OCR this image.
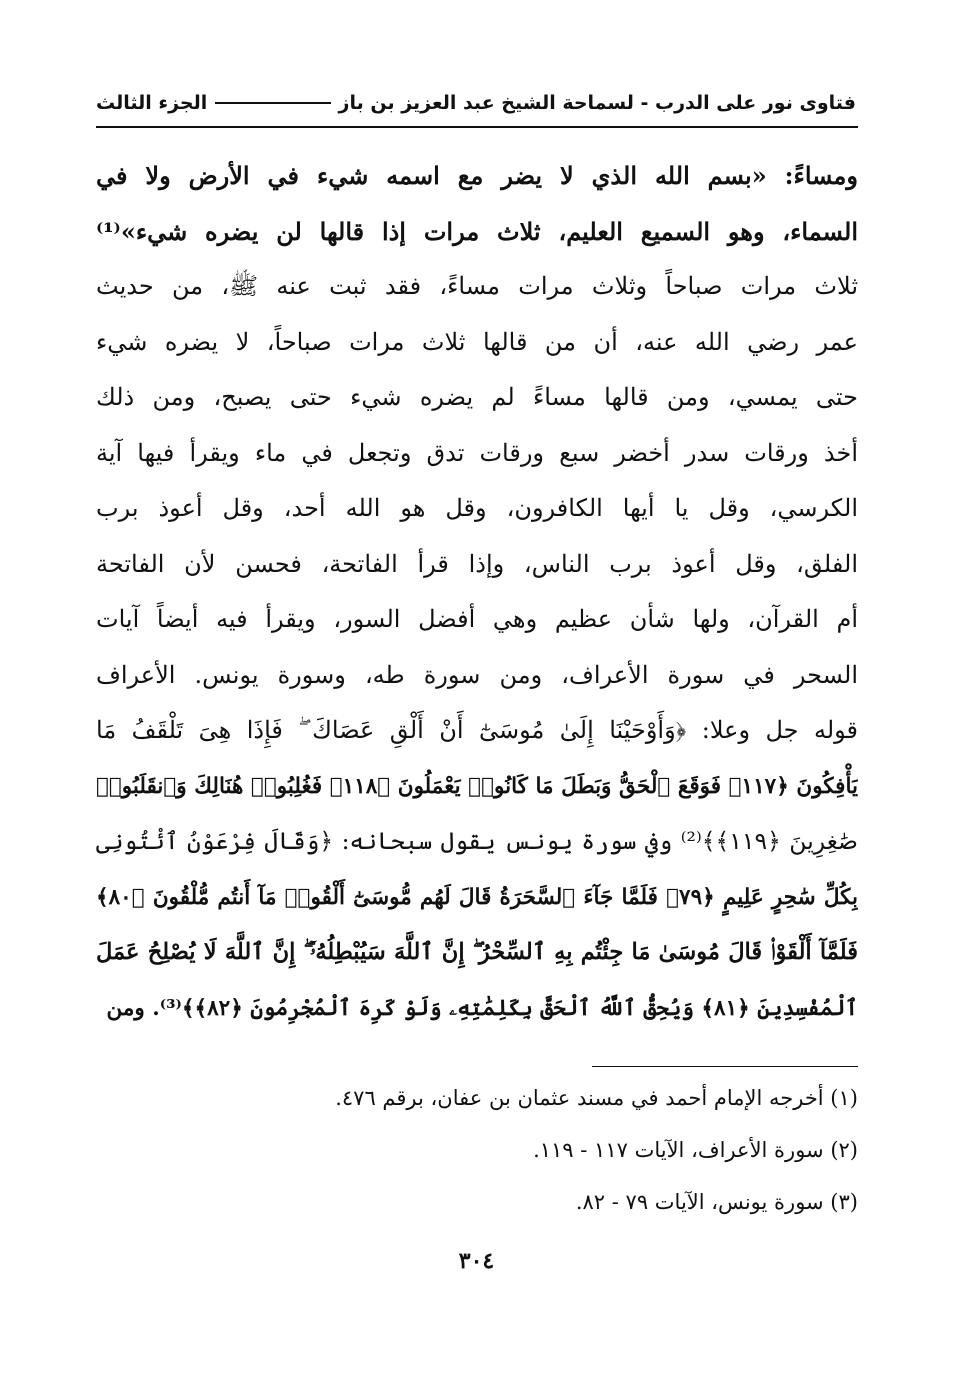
فتاوى نور على الدرب - لسماحة الشيخ عبد العزيز بن باز
الجزء الثالث
ومساءً: «بسم الله الذي لا يضر مع اسمه شيء في الأرض ولا في
السماء، وهو السميع العليم، ثلاث مرات إذا قالها لن يضره شيء»⁽¹⁾
ثلاث مرات صباحاً وثلاث مرات مساءً، فقد ثبت عنه ﷺ، من حديث
عمر رضي الله عنه، أن من قالها ثلاث مرات صباحاً، لا يضره شيء
حتى يمسي، ومن قالها مساءً لم يضره شيء حتى يصبح، ومن ذلك
أخذ ورقات سدر أخضر سبع ورقات تدق وتجعل في ماء ويقرأ فيها آية
الكرسي، وقل يا أيها الكافرون، وقل هو الله أحد، وقل أعوذ برب
الفلق، وقل أعوذ برب الناس، وإذا قرأ الفاتحة، فحسن لأن الفاتحة
أم القرآن، ولها شأن عظيم وهي أفضل السور، ويقرأ فيه أيضاً آيات
السحر في سورة الأعراف، ومن سورة طه، وسورة يونس. الأعراف
قوله جل وعلا: ﴿وَأَوْحَيْنَا إِلَىٰ مُوسَىٰٓ أَنْ أَلْقِ عَصَاكَ ۖ فَإِذَا هِىَ تَلْقَفُ مَا
يَأْفِكُونَ ﴿١١٧﴾ فَوَقَعَ ٱلْحَقُّ وَبَطَلَ مَا كَانُوا۟ يَعْمَلُونَ ﴿١١٨﴾ فَغُلِبُوا۟ هُنَالِكَ وَٱنقَلَبُوا۟
صَٰغِرِينَ ﴿١١٩﴾﴾⁽²⁾ وفي سورة يونس يقول سبحانه: ﴿وَقَالَ فِرْعَوْنُ ٱئْتُونِى
بِكُلِّ سَٰحِرٍ عَلِيمٍ ﴿٧٩﴾ فَلَمَّا جَآءَ ٱلسَّحَرَةُ قَالَ لَهُم مُّوسَىٰٓ أَلْقُوا۟ مَآ أَنتُم مُّلْقُونَ ﴿٨٠﴾
فَلَمَّآ أَلْقَوْا۟ قَالَ مُوسَىٰ مَا جِئْتُم بِهِ ٱلسِّحْرُ ۖ إِنَّ ٱللَّهَ سَيُبْطِلُهُۥٓ ۖ إِنَّ ٱللَّهَ لَا يُصْلِحُ عَمَلَ
ٱلْمُفْسِدِينَ ﴿٨١﴾ وَيُحِقُّ ٱللَّهُ ٱلْحَقَّ بِكَلِمَٰتِهِۦ وَلَوْ كَرِهَ ٱلْمُجْرِمُونَ ﴿٨٢﴾﴾⁽³⁾. ومن
(١) أخرجه الإمام أحمد في مسند عثمان بن عفان، برقم ٤٧٦.
(٢) سورة الأعراف، الآيات ١١٧ - ١١٩.
(٣) سورة يونس، الآيات ٧٩ - ٨٢.
٣٠٤
